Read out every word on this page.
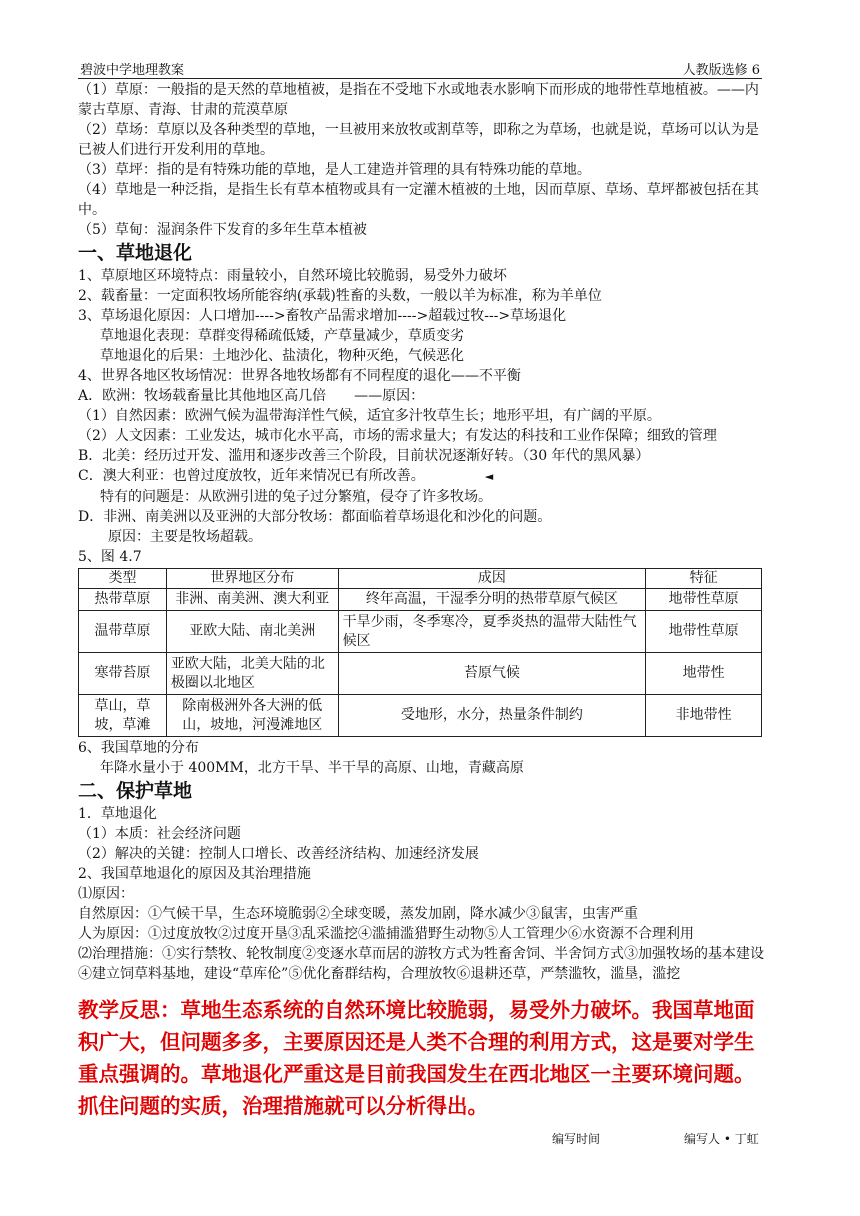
碧波中学地理教案	人教版选修 6

（1）草原：一般指的是天然的草地植被，是指在不受地下水或地表水影响下而形成的地带性草地植被。——内蒙古草原、青海、甘肃的荒漠草原

（2）草场：草原以及各种类型的草地，一旦被用来放牧或割草等，即称之为草场，也就是说，草场可以认为是已被人们进行开发利用的草地。

（3）草坪：指的是有特殊功能的草地，是人工建造并管理的具有特殊功能的草地。

（4）草地是一种泛指，是指生长有草本植物或具有一定灌木植被的土地，因而草原、草场、草坪都被包括在其中。

（5）草甸：湿润条件下发育的多年生草本植被

一、草地退化

1、草原地区环境特点：雨量较小，自然环境比较脆弱，易受外力破坏

2、载畜量：一定面积牧场所能容纳(承载)牲畜的头数，一般以羊为标准，称为羊单位

3、草场退化原因：人口增加---->畜牧产品需求增加---->超载过牧--->草场退化

草地退化表现：草群变得稀疏低矮，产草量减少，草质变劣

草地退化的后果：土地沙化、盐渍化，物种灭绝，气候恶化

4、世界各地区牧场情况：世界各地牧场都有不同程度的退化——不平衡

A．欧洲：牧场载畜量比其他地区高几倍　　——原因：

（1）自然因素：欧洲气候为温带海洋性气候，适宜多汁牧草生长；地形平坦，有广阔的平原。

（2）人文因素：工业发达，城市化水平高，市场的需求量大；有发达的科技和工业作保障；细致的管理

B．北美：经历过开发、滥用和逐步改善三个阶段，目前状况逐渐好转。（30 年代的黑风暴）

C．澳大利亚：也曾过度放牧，近年来情况已有所改善。	◄

特有的问题是：从欧洲引进的兔子过分繁殖，侵夺了许多牧场。

D．非洲、南美洲以及亚洲的大部分牧场：都面临着草场退化和沙化的问题。

原因：主要是牧场超载。

5、图 4.7

类型	世界地区分布	成因	特征
热带草原	非洲、南美洲、澳大利亚	终年高温，干湿季分明的热带草原气候区	地带性草原
温带草原	亚欧大陆、南北美洲	干旱少雨，冬季寒冷，夏季炎热的温带大陆性气候区	地带性草原
寒带苔原	亚欧大陆，北美大陆的北极圈以北地区	苔原气候	地带性
草山，草坡，草滩	除南极洲外各大洲的低山，坡地，河漫滩地区	受地形，水分，热量条件制约	非地带性

6、我国草地的分布

年降水量小于 400MM，北方干旱、半干旱的高原、山地，青藏高原

二、保护草地

1．草地退化

（1）本质：社会经济问题

（2）解决的关键：控制人口增长、改善经济结构、加速经济发展

2、我国草地退化的原因及其治理措施

⑴原因：

自然原因：①气候干旱，生态环境脆弱②全球变暖，蒸发加剧，降水减少③鼠害，虫害严重

人为原因：①过度放牧②过度开垦③乱采滥挖④滥捕滥猎野生动物⑤人工管理少⑥水资源不合理利用

⑵治理措施：①实行禁牧、轮牧制度②变逐水草而居的游牧方式为牲畜舍饲、半舍饲方式③加强牧场的基本建设④建立饲草料基地，建设“草库伦”⑤优化畜群结构，合理放牧⑥退耕还草，严禁滥牧，滥垦，滥挖

教学反思：草地生态系统的自然环境比较脆弱，易受外力破坏。我国草地面积广大，但问题多多，主要原因还是人类不合理的利用方式，这是要对学生重点强调的。草地退化严重这是目前我国发生在西北地区一主要环境问题。抓住问题的实质，治理措施就可以分析得出。

编写时间	编写人 • 丁虹
